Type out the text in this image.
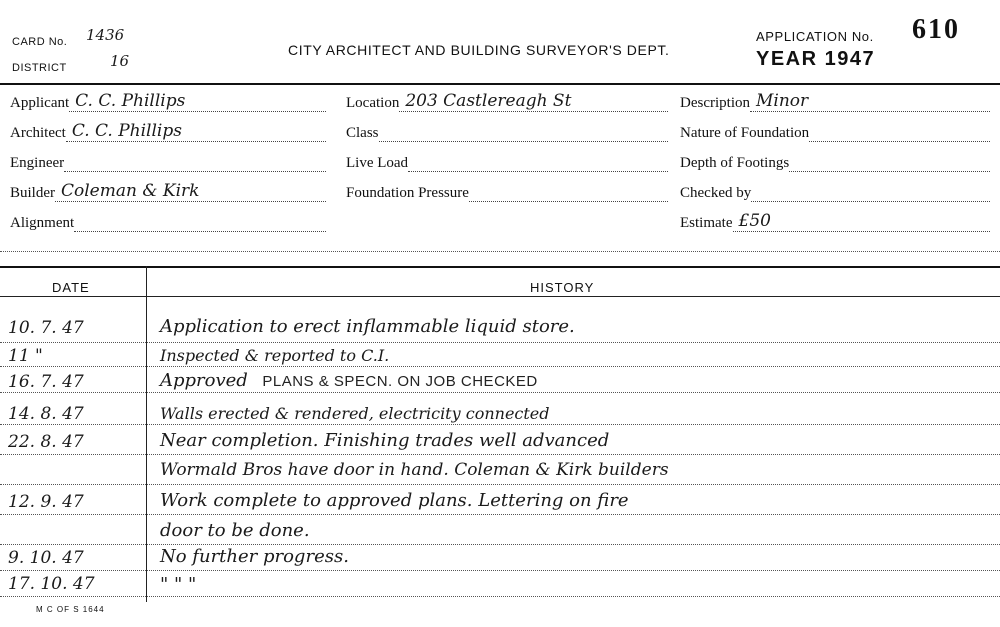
CARD No. 1436
DISTRICT	16
CITY ARCHITECT AND BUILDING SURVEYOR'S DEPT.
APPLICATION No. 610
YEAR 1947
Applicant C. C. Phillips
Architect C. C. Phillips
Engineer
Builder Coleman & Kirk
Alignment
Location 203 Castlereagh St
Class
Live Load
Foundation Pressure
Description Minor
Nature of Foundation
Depth of Footings
Checked by
Estimate £50
DATE	HISTORY
10. 7. 47	Application to erect inflammable liquid store.
11 "	Inspected & reported to C.I.
16. 7. 47	Approved PLANS & SPECN. ON JOB CHECKED
14. 8. 47	Walls erected & rendered, electricity connected
22. 8. 47	Near completion. Finishing trades well advanced
Wormald Bros have door in hand. Coleman & Kirk builders
12. 9. 47	Work complete to approved plans. Lettering on fire
door to be done.
9. 10. 47	No further progress.
17. 10. 47	" " "
M C OF S 1644
